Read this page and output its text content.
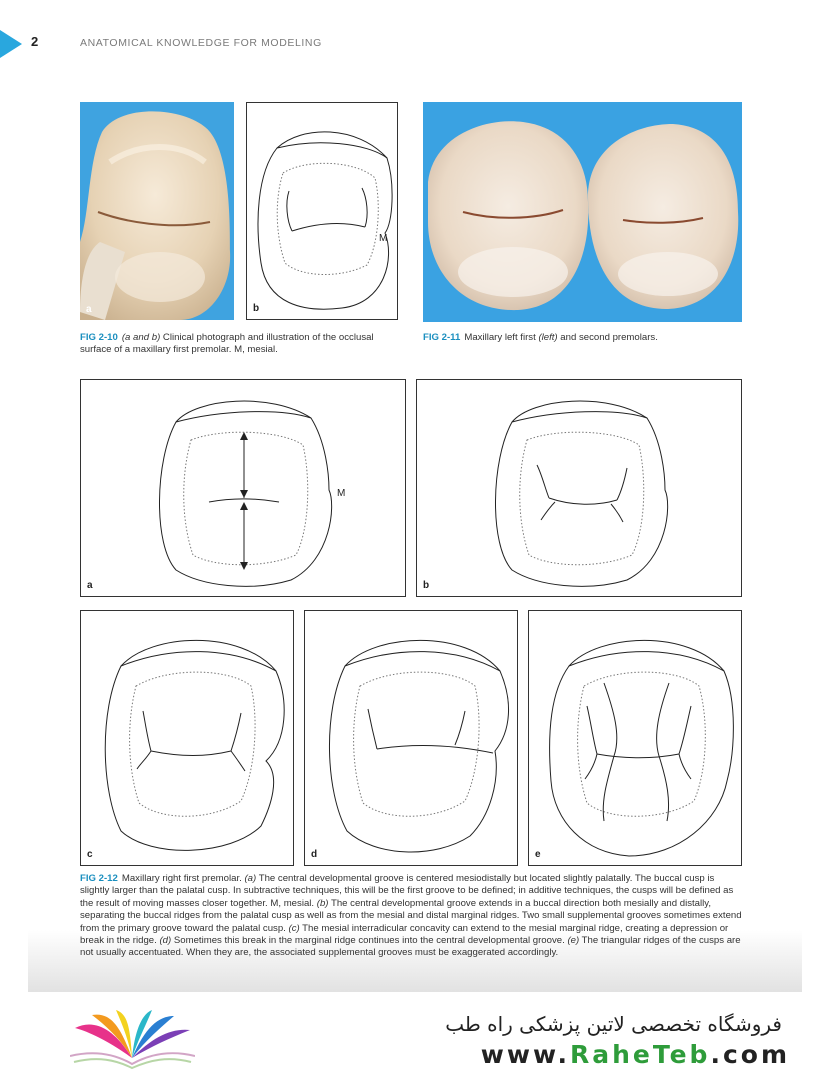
2	ANATOMICAL KNOWLEDGE FOR MODELING
a
M
b
FIG 2-10 (a and b) Clinical photograph and illustration of the occlusal surface of a maxillary first premolar. M, mesial.
FIG 2-11 Maxillary left first (left) and second premolars.
M
a	b
c	d	e
FIG 2-12 Maxillary right first premolar. (a) The central developmental groove is centered mesiodistally but located slightly palatally. The buccal cusp is slightly larger than the palatal cusp. In subtractive techniques, this will be the first groove to be defined; in additive techniques, the cusps will be defined as the result of moving masses closer together. M, mesial. (b) The central developmental groove extends in a buccal direction both mesially and distally, separating the buccal ridges from the palatal cusp as well as from the mesial and distal marginal ridges. Two small supplemental grooves sometimes extend from the primary groove toward the palatal cusp. (c) The mesial interradicular concavity can extend to the mesial marginal ridge, creating a depression or break in the ridge. (d) Sometimes this break in the marginal ridge continues into the central developmental groove. (e) The triangular ridges of the cusps are not usually accentuated. When they are, the associated supplemental grooves must be exaggerated accordingly.
فروشگاه تخصصی لاتین پزشکی راه طب
www.RaheTeb.com
